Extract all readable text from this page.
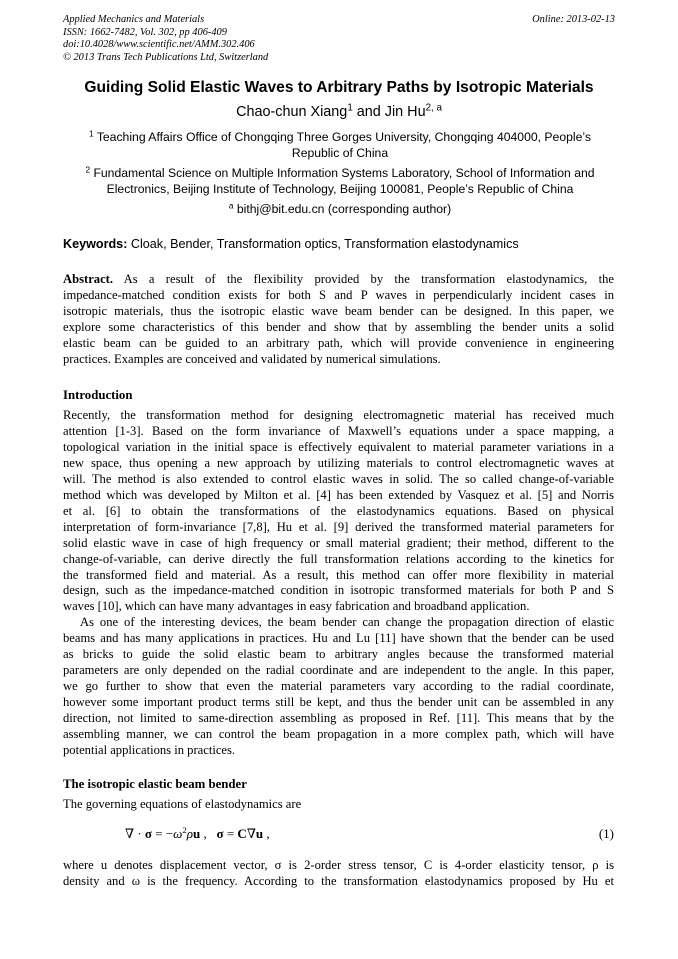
Applied Mechanics and Materials
ISSN: 1662-7482, Vol. 302, pp 406-409
doi:10.4028/www.scientific.net/AMM.302.406
© 2013 Trans Tech Publications Ltd, Switzerland
Online: 2013-02-13
Guiding Solid Elastic Waves to Arbitrary Paths by Isotropic Materials
Chao-chun Xiang$^1$ and Jin Hu$^{2, a}$
$^1$ Teaching Affairs Office of Chongqing Three Gorges University, Chongqing 404000, People’s Republic of China
$^2$ Fundamental Science on Multiple Information Systems Laboratory, School of Information and Electronics, Beijing Institute of Technology, Beijing 100081, People’s Republic of China
$^a$ bithj@bit.edu.cn (corresponding author)
Keywords: Cloak, Bender, Transformation optics, Transformation elastodynamics
Abstract. As a result of the flexibility provided by the transformation elastodynamics, the
impedance-matched condition exists for both S and P waves in perpendicularly incident cases in
isotropic materials, thus the isotropic elastic wave beam bender can be designed. In this paper, we
explore some characteristics of this bender and show that by assembling the bender units a solid
elastic beam can be guided to an arbitrary path, which will provide convenience in engineering
practices. Examples are conceived and validated by numerical simulations.
Introduction
Recently, the transformation method for designing electromagnetic material has received much
attention [1-3]. Based on the form invariance of Maxwell’s equations under a space mapping, a
topological variation in the initial space is effectively equivalent to material parameter variations in a
new space, thus opening a new approach by utilizing materials to control electromagnetic waves at
will. The method is also extended to control elastic waves in solid. The so called change-of-variable
method which was developed by Milton et al. [4] has been extended by Vasquez et al. [5] and Norris
et al. [6] to obtain the transformations of the elastodynamics equations. Based on physical
interpretation of form-invariance [7,8], Hu et al. [9] derived the transformed material parameters for
solid elastic wave in case of high frequency or small material gradient; their method, different to the
change-of-variable, can derive directly the full transformation relations according to the kinetics for
the transformed field and material. As a result, this method can offer more flexibility in material
design, such as the impedance-matched condition in isotropic transformed materials for both P and S
waves [10], which can have many advantages in easy fabrication and broadband application.
As one of the interesting devices, the beam bender can change the propagation direction of elastic
beams and has many applications in practices. Hu and Lu [11] have shown that the bender can be used
as bricks to guide the solid elastic beam to arbitrary angles because the transformed material
parameters are only depended on the radial coordinate and are independent to the angle. In this paper,
we go further to show that even the material parameters vary according to the radial coordinate,
however some important product terms still be kept, and thus the bender unit can be assembled in any
direction, not limited to same-direction assembling as proposed in Ref. [11]. This means that by the
assembling manner, we can control the beam propagation in a more complex path, which will have
potential applications in practices.
The isotropic elastic beam bender
The governing equations of elastodynamics are
∇ · $\sigma = -\omega^2\rho u$ ,   σ = C∇u ,	(1)
where u denotes displacement vector, σ is 2-order stress tensor, C is 4-order elasticity tensor, ρ is
density and ω is the frequency. According to the transformation elastodynamics proposed by Hu et
